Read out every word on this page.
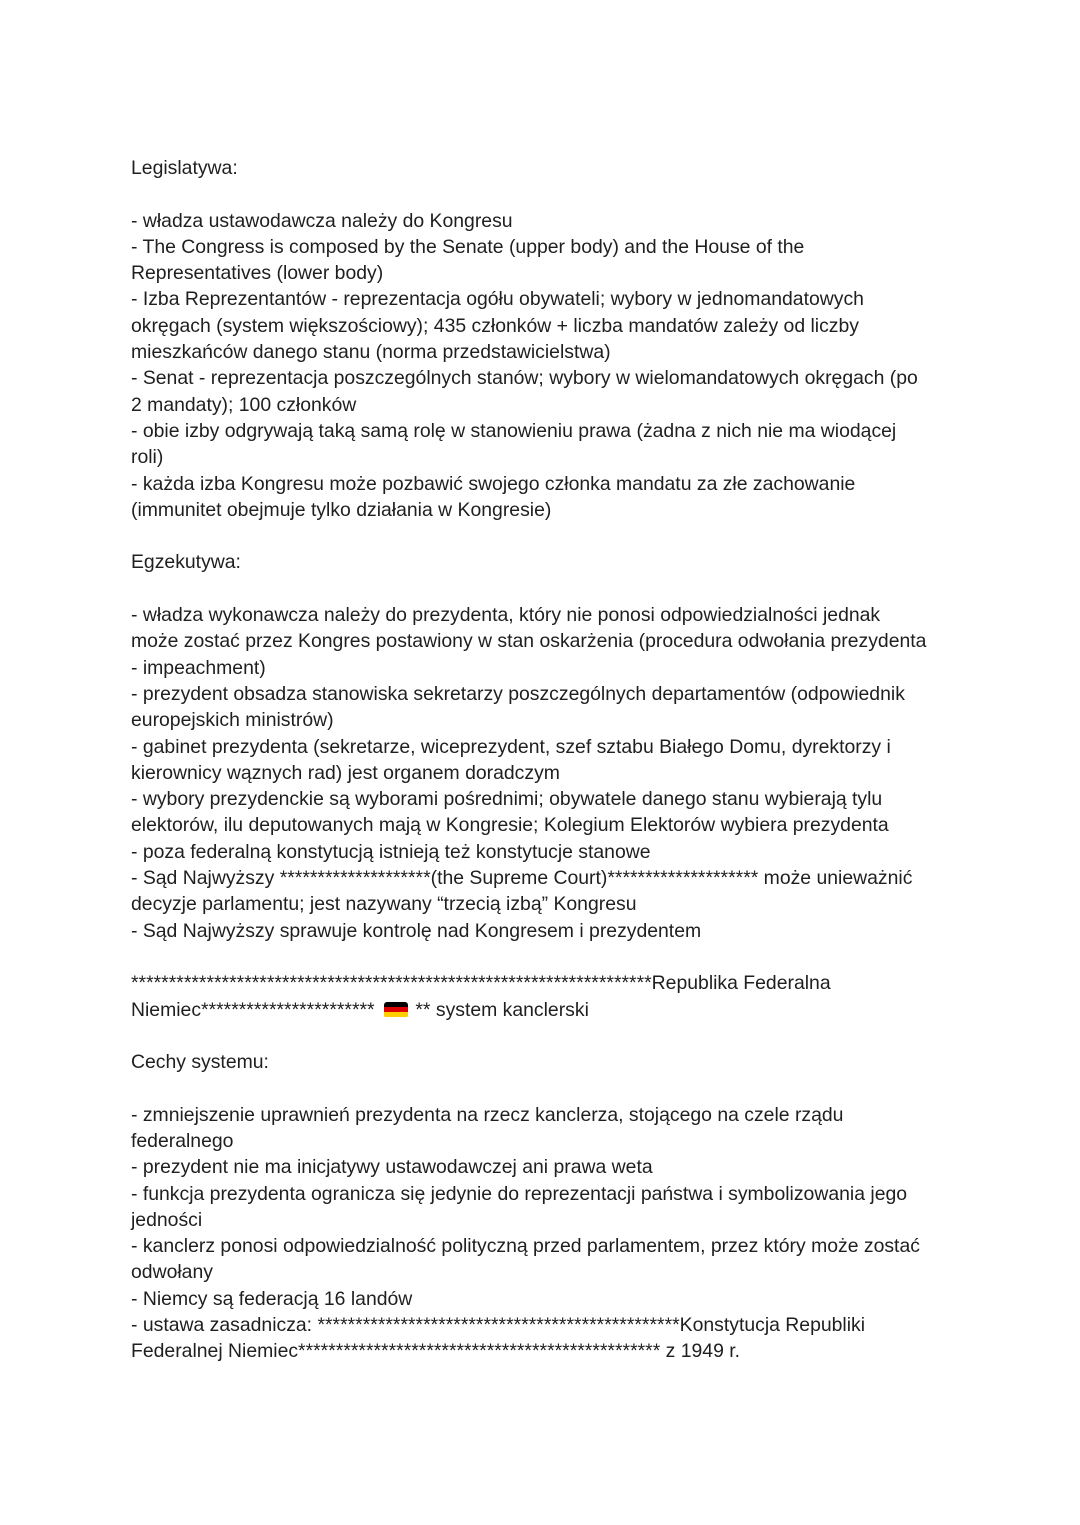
Legislatywa:
- władza ustawodawcza należy do Kongresu
- The Congress is composed by the Senate (upper body) and the House of the
Representatives (lower body)
- Izba Reprezentantów - reprezentacja ogółu obywateli; wybory w jednomandatowych
okręgach (system większościowy); 435 członków + liczba mandatów zależy od liczby
mieszkańców danego stanu (norma przedstawicielstwa)
- Senat - reprezentacja poszczególnych stanów; wybory w wielomandatowych okręgach (po
2 mandaty); 100 członków
- obie izby odgrywają taką samą rolę w stanowieniu prawa (żadna z nich nie ma wiodącej
roli)
- każda izba Kongresu może pozbawić swojego członka mandatu za złe zachowanie
(immunitet obejmuje tylko działania w Kongresie)
Egzekutywa:
- władza wykonawcza należy do prezydenta, który nie ponosi odpowiedzialności jednak
może zostać przez Kongres postawiony w stan oskarżenia (procedura odwołania prezydenta
- impeachment)
- prezydent obsadza stanowiska sekretarzy poszczególnych departamentów (odpowiednik
europejskich ministrów)
- gabinet prezydenta (sekretarze, wiceprezydent, szef sztabu Białego Domu, dyrektorzy i
kierownicy wąznych rad) jest organem doradczym
- wybory prezydenckie są wyborami pośrednimi; obywatele danego stanu wybierają tylu
elektorów, ilu deputowanych mają w Kongresie; Kolegium Elektorów wybiera prezydenta
- poza federalną konstytucją istnieją też konstytucje stanowe
- Sąd Najwyższy ********************(the Supreme Court)******************** może unieważnić
decyzje parlamentu; jest nazywany “trzecią izbą” Kongresu
- Sąd Najwyższy sprawuje kontrolę nad Kongresem i prezydentem
*********************************************************************Republika Federalna
Niemiec*********************** ** system kanclerski
Cechy systemu:
- zmniejszenie uprawnień prezydenta na rzecz kanclerza, stojącego na czele rządu
federalnego
- prezydent nie ma inicjatywy ustawodawczej ani prawa weta
- funkcja prezydenta ogranicza się jedynie do reprezentacji państwa i symbolizowania jego
jedności
- kanclerz ponosi odpowiedzialność polityczną przed parlamentem, przez który może zostać
odwołany
- Niemcy są federacją 16 landów
- ustawa zasadnicza: ************************************************Konstytucja Republiki
Federalnej Niemiec************************************************ z 1949 r.
